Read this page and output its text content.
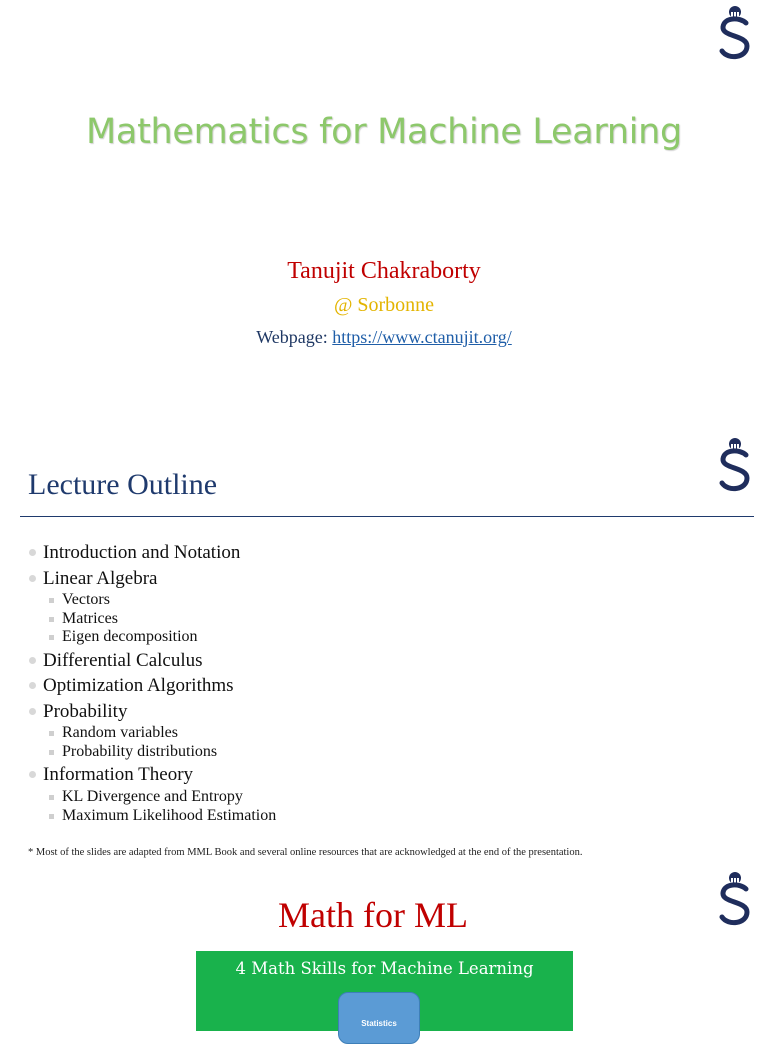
Mathematics for Machine Learning
Tanujit Chakraborty
@ Sorbonne
Webpage: https://www.ctanujit.org/
Lecture Outline
Introduction and Notation
Linear Algebra
Vectors
Matrices
Eigen decomposition
Differential Calculus
Optimization Algorithms
Probability
Random variables
Probability distributions
Information Theory
KL Divergence and Entropy
Maximum Likelihood Estimation
* Most of the slides are adapted from MML Book and several online resources that are acknowledged at the end of the presentation.
Math for ML
4 Math Skills for Machine Learning
Statistics
